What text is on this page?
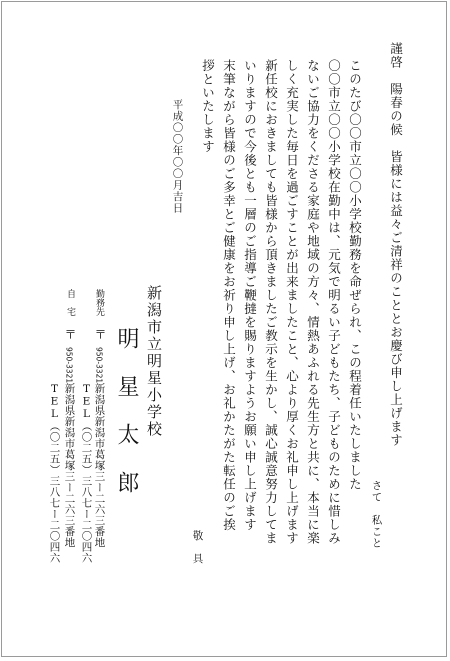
謹啓　陽春の候　皆様には益々ご清祥のこととお慶び申し上げます
さて　私こと
このたび〇〇市立〇〇小学校勤務を命ぜられ、この程着任いたしました
〇〇市立〇〇小学校在勤中は、元気で明るい子どもたち、子どものために惜しみ
ないご協力をくださる家庭や地域の方々、情熱あふれる先生方と共に、本当に楽
しく充実した毎日を過ごすことが出来ましたこと、心より厚くお礼申し上げます
新任校におきましても皆様から頂きましたご教示を生かし、誠心誠意努力してま
いりますので今後とも一層のご指導ご鞭撻を賜りますようお願い申し上げます
末筆ながら皆様のご多幸とご健康をお祈り申し上げ、お礼かたがた転任のご挨
拶といたします
敬　具
平成〇〇年〇〇月吉日
新潟市立明星小学校
明星太郎
勤務先
〒
950-3321
新潟県新潟市葛塚三ー二六三番地
TEL（〇二五）三八七ー二〇四六
自　宅
〒
950-3321
新潟県新潟市葛塚三ー二六三番地
TEL（〇二五）三八七ー二〇四六
